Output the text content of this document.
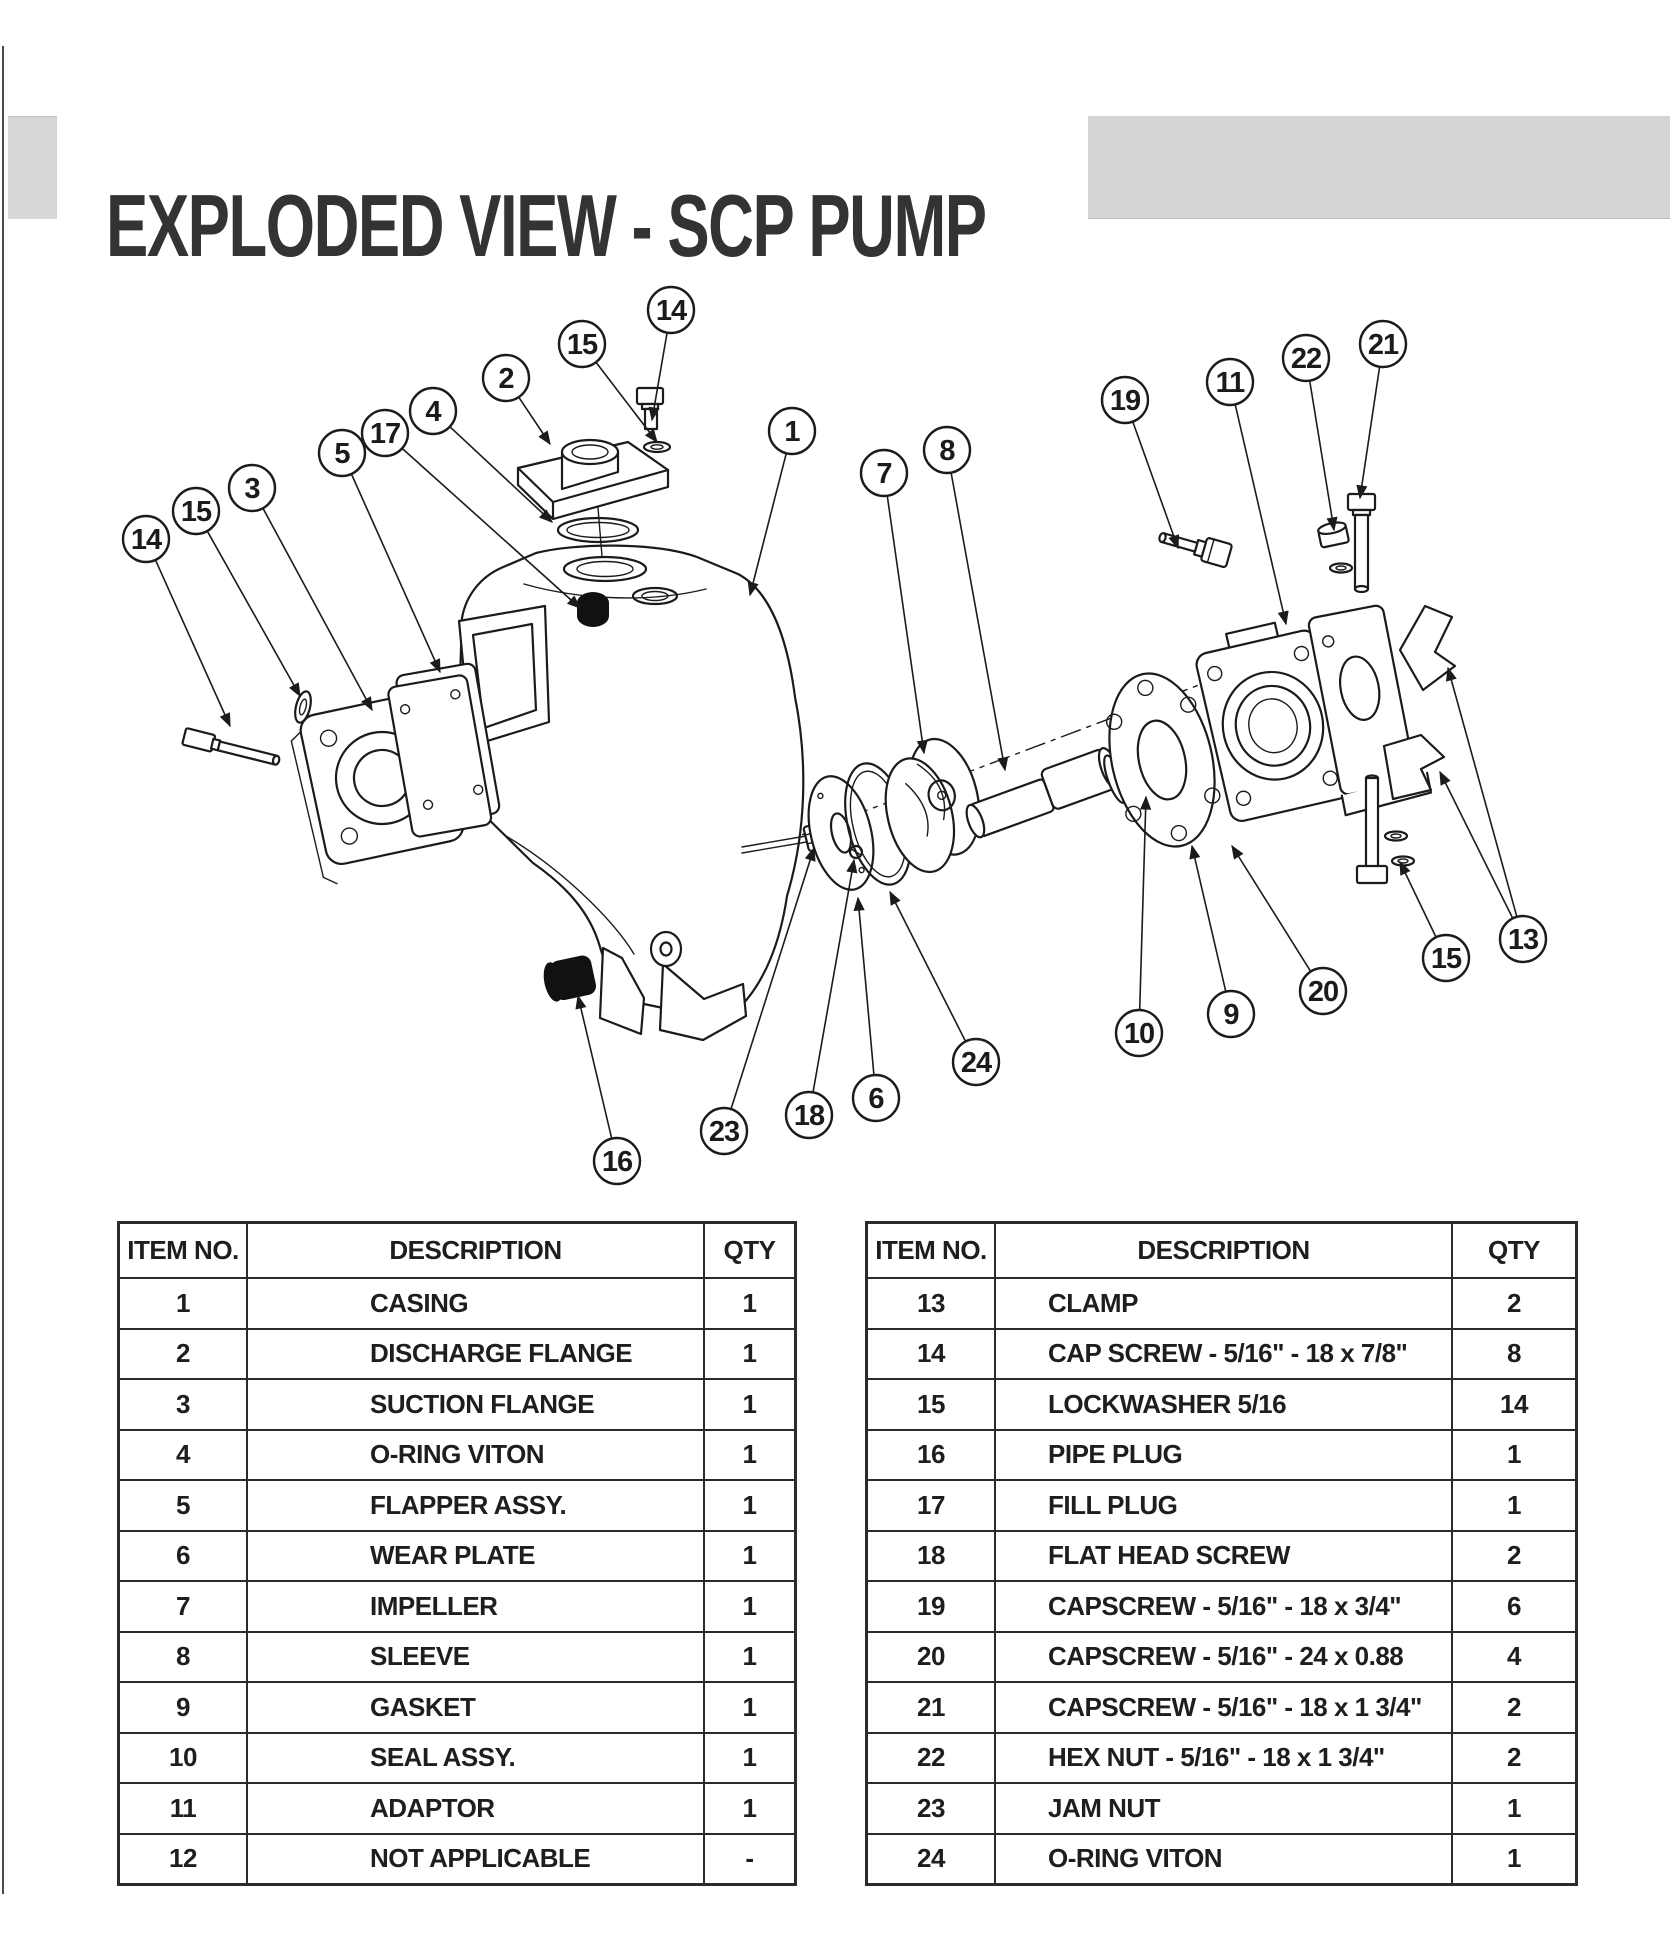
EXPLODED VIEW - SCP PUMP
1
2
3
4
5
6
7
8
9
10
11
13
14
15
17
15
14
16
18
19
20
21
22
23
24
15
ITEM NO.	DESCRIPTION	QTY
1	CASING	1
2	DISCHARGE FLANGE	1
3	SUCTION FLANGE	1
4	O-RING VITON	1
5	FLAPPER ASSY.	1
6	WEAR PLATE	1
7	IMPELLER	1
8	SLEEVE	1
9	GASKET	1
10	SEAL ASSY.	1
11	ADAPTOR	1
12	NOT APPLICABLE	-
ITEM NO.	DESCRIPTION	QTY
13	CLAMP	2
14	CAP SCREW - 5/16" - 18 x 7/8"	8
15	LOCKWASHER 5/16	14
16	PIPE PLUG	1
17	FILL PLUG	1
18	FLAT HEAD SCREW	2
19	CAPSCREW - 5/16" - 18 x 3/4"	6
20	CAPSCREW - 5/16" - 24 x 0.88	4
21	CAPSCREW - 5/16" - 18 x 1 3/4"	2
22	HEX NUT - 5/16" - 18 x 1 3/4"	2
23	JAM NUT	1
24	O-RING VITON	1
